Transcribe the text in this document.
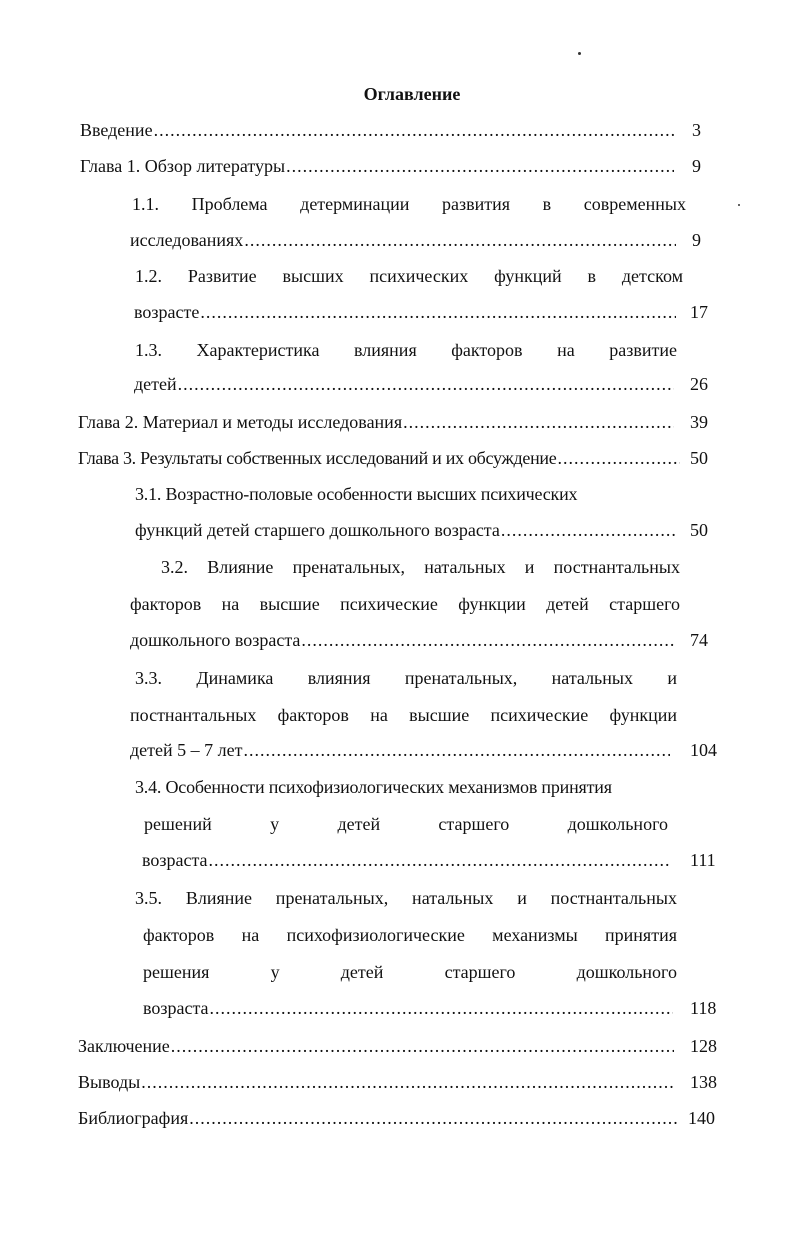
Оглавление
Введение .....	3
Глава 1. Обзор литературы .....	9
1.1. Проблема детерминации развития в современных
исследованиях .....	9
1.2. Развитие высших психических функций в детском
возрасте .....	17
1.3. Характеристика влияния факторов на развитие
детей .....	26
Глава 2. Материал и методы исследования .....	39
Глава 3. Результаты собственных исследований и их обсуждение .....	50
3.1. Возрастно-половые особенности высших психических
функций детей старшего дошкольного возраста .....	50
3.2. Влияние пренатальных, натальных и постнантальных
факторов на высшие психические функции детей старшего
дошкольного возраста .....	74
3.3. Динамика влияния пренатальных, натальных и
постнантальных факторов на высшие психические функции
детей 5 – 7 лет .....	104
3.4. Особенности психофизиологических механизмов принятия
решений у детей старшего дошкольного
возраста .....	111
3.5. Влияние пренатальных, натальных и постнантальных
факторов на психофизиологические механизмы принятия
решения у детей старшего дошкольного
возраста .....	118
Заключение .....	128
Выводы .....	138
Библиография .....	140
